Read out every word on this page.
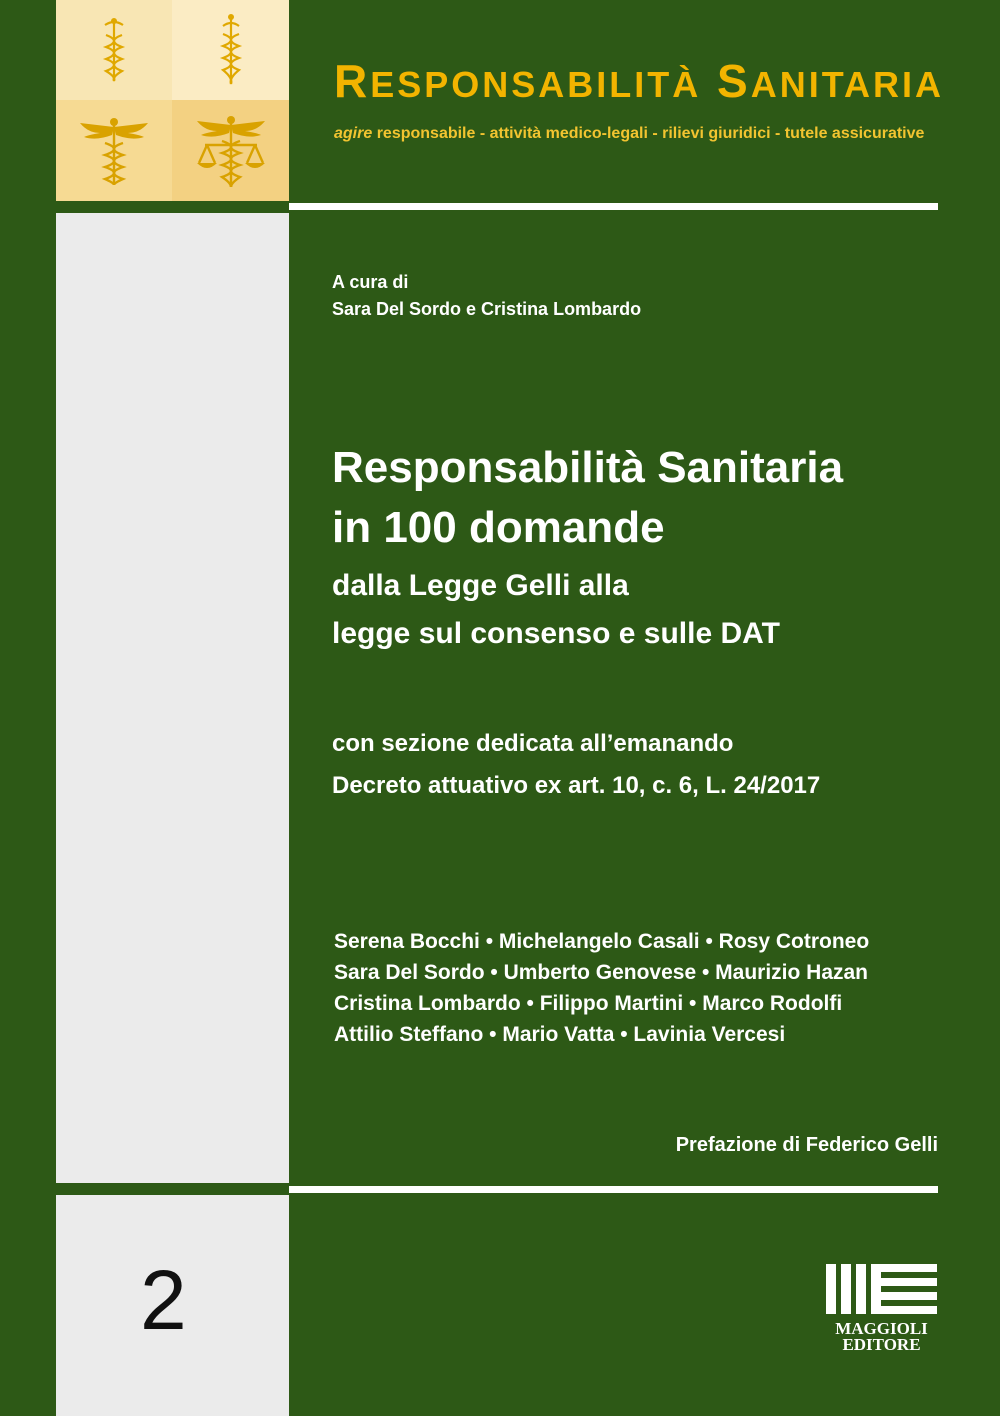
RESPONSABILITÀ SANITARIA
agire responsabile - attività medico-legali - rilievi giuridici - tutele assicurative
A cura di
Sara Del Sordo e Cristina Lombardo
Responsabilità Sanitaria
in 100 domande
dalla Legge Gelli alla
legge sul consenso e sulle DAT
con sezione dedicata all’emanando
Decreto attuativo ex art. 10, c. 6, L. 24/2017
Serena Bocchi • Michelangelo Casali • Rosy Cotroneo
Sara Del Sordo • Umberto Genovese • Maurizio Hazan
Cristina Lombardo • Filippo Martini • Marco Rodolfi
Attilio Steffano • Mario Vatta • Lavinia Vercesi
Prefazione di Federico Gelli
2	MAGGIOLI
EDITORE
